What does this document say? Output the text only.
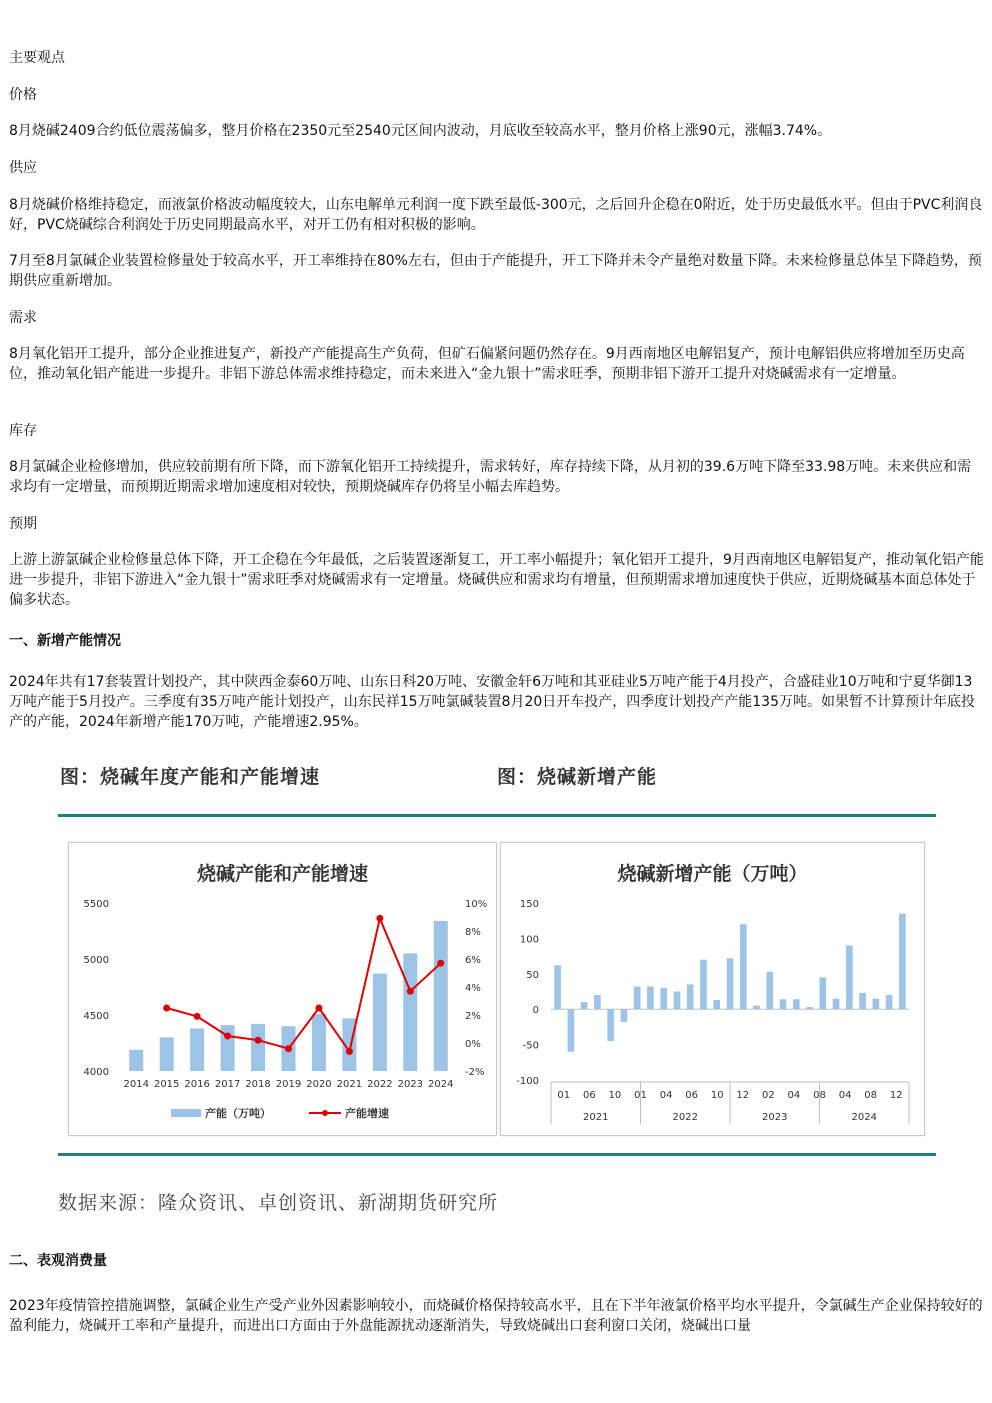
主要观点

价格

8月烧碱2409合约低位震荡偏多，整月价格在2350元至2540元区间内波动，月底收至较高水平，整月价格上涨90元，涨幅3.74%。

供应

8月烧碱价格维持稳定，而液氯价格波动幅度较大，山东电解单元利润一度下跌至最低-300元，之后回升企稳在0附近，处于历史最低水平。但由于PVC利润良好，PVC烧碱综合利润处于历史同期最高水平，对开工仍有相对积极的影响。

7月至8月氯碱企业装置检修量处于较高水平，开工率维持在80%左右，但由于产能提升，开工下降并未令产量绝对数量下降。未来检修量总体呈下降趋势，预期供应重新增加。

需求

8月氧化铝开工提升，部分企业推进复产，新投产产能提高生产负荷，但矿石偏紧问题仍然存在。9月西南地区电解铝复产，预计电解铝供应将增加至历史高位，推动氧化铝产能进一步提升。非铝下游总体需求维持稳定，而未来进入“金九银十”需求旺季，预期非铝下游开工提升对烧碱需求有一定增量。

库存

8月氯碱企业检修增加，供应较前期有所下降，而下游氧化铝开工持续提升，需求转好，库存持续下降，从月初的39.6万吨下降至33.98万吨。未来供应和需求均有一定增量，而预期近期需求增加速度相对较快，预期烧碱库存仍将呈小幅去库趋势。

预期

上游上游氯碱企业检修量总体下降，开工企稳在今年最低，之后装置逐渐复工，开工率小幅提升；氧化铝开工提升，9月西南地区电解铝复产，推动氧化铝产能进一步提升，非铝下游进入“金九银十”需求旺季对烧碱需求有一定增量。烧碱供应和需求均有增量，但预期需求增加速度快于供应，近期烧碱基本面总体处于偏多状态。

一、新增产能情况

2024年共有17套装置计划投产，其中陕西金泰60万吨、山东日科20万吨、安徽金轩6万吨和其亚硅业5万吨产能于4月投产，合盛硅业10万吨和宁夏华御13万吨产能于5月投产。三季度有35万吨产能计划投产，山东民祥15万吨氯碱装置8月20日开车投产，四季度计划投产产能135万吨。如果暂不计算预计年底投产的产能，2024年新增产能170万吨，产能增速2.95%。

图：烧碱年度产能和产能增速	图：烧碱新增产能
烧碱产能和产能增速
4000
4500
5000
5500
-2%
0%
2%
4%
6%
8%
10%
2014 2015 2016 2017 2018 2019 2020 2021 2022 2023 2024
产能（万吨）	产能增速
烧碱新增产能（万吨）
-100
-50
0
50
100
150
01 06 10 01 04 06 10 12 02 04 08 04 08 12
2021	2022	2023	2024
数据来源：隆众资讯、卓创资讯、新湖期货研究所

二、表观消费量

2023年疫情管控措施调整，氯碱企业生产受产业外因素影响较小，而烧碱价格保持较高水平，且在下半年液氯价格平均水平提升，令氯碱生产企业保持较好的盈利能力，烧碱开工率和产量提升，而进出口方面由于外盘能源扰动逐渐消失，导致烧碱出口套利窗口关闭，烧碱出口量
